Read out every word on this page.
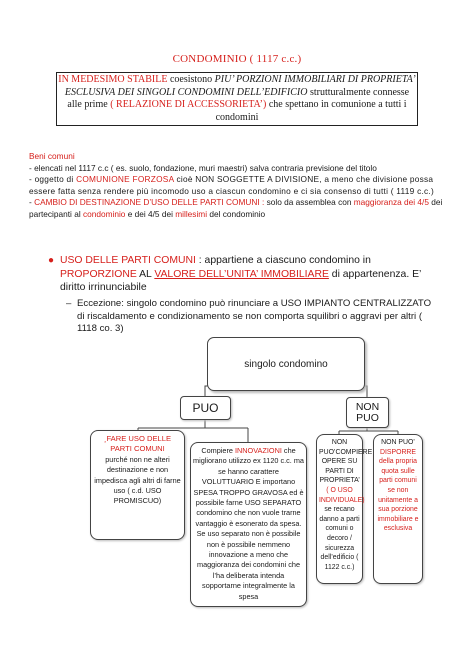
CONDOMINIO ( 1117 c.c.)
IN MEDESIMO STABILE coesistono PIU’ PORZIONI IMMOBILIARI DI PROPRIETA’ ESCLUSIVA DEI SINGOLI CONDOMINI DELL’EDIFICIO strutturalmente connesse alle prime ( RELAZIONE DI ACCESSORIETA’) che spettano in comunione a tutti i condomini
Beni comuni
- elencati nel 1117 c.c ( es. suolo, fondazione, muri maestri) salva contraria previsione del titolo
- oggetto di COMUNIONE FORZOSA cioè NON SOGGETTE A DIVISIONE, a meno che divisione possa essere fatta senza rendere più incomodo uso a ciascun condomino e ci sia consenso di tutti ( 1119 c.c.)
- CAMBIO DI DESTINAZIONE D’USO DELLE PARTI COMUNI : solo da assemblea con maggioranza dei 4/5 dei partecipanti al condominio e dei 4/5 dei millesimi del condominio
● USO DELLE PARTI COMUNI : appartiene a ciascuno condomino in PROPORZIONE AL VALORE DELL’UNITA’ IMMOBILIARE di appartenenza. E’ diritto irrinunciabile
– Eccezione: singolo condomino può rinunciare a USO IMPIANTO CENTRALIZZATO di riscaldamento e condizionamento se non comporta squilibri o aggravi per altri ( 1118 co. 3)
singolo condomino
PUO	NON PUO
¸FARE USO DELLE PARTI COMUNI
purché non ne alteri destinazione e non impedisca agli altri di farne uso ( c.d. USO PROMISCUO)
Compiere INNOVAZIONI che migliorano utilizzo ex 1120 c.c. ma se hanno carattere VOLUTTUARIO E importano SPESA TROPPO GRAVOSA ed è possibile farne USO SEPARATO condomino che non vuole trarne vantaggio è esonerato da spesa. Se uso separato non è possibile non è possibile nemmeno innovazione a meno che maggioranza dei condomini che l’ha deliberata intenda sopportarne integralmente la spesa
NON PUO’COMPIERE OPERE SU PARTI DI PROPRIETA’ ( O USO INDIVIDUALE) se recano danno a parti comuni o decoro / sicurezza dell’edificio ( 1122 c.c.)
NON PUO’ DISPORRE della propria quota sulle parti comuni se non unitamente a sua porzione immobiliare e esclusiva
